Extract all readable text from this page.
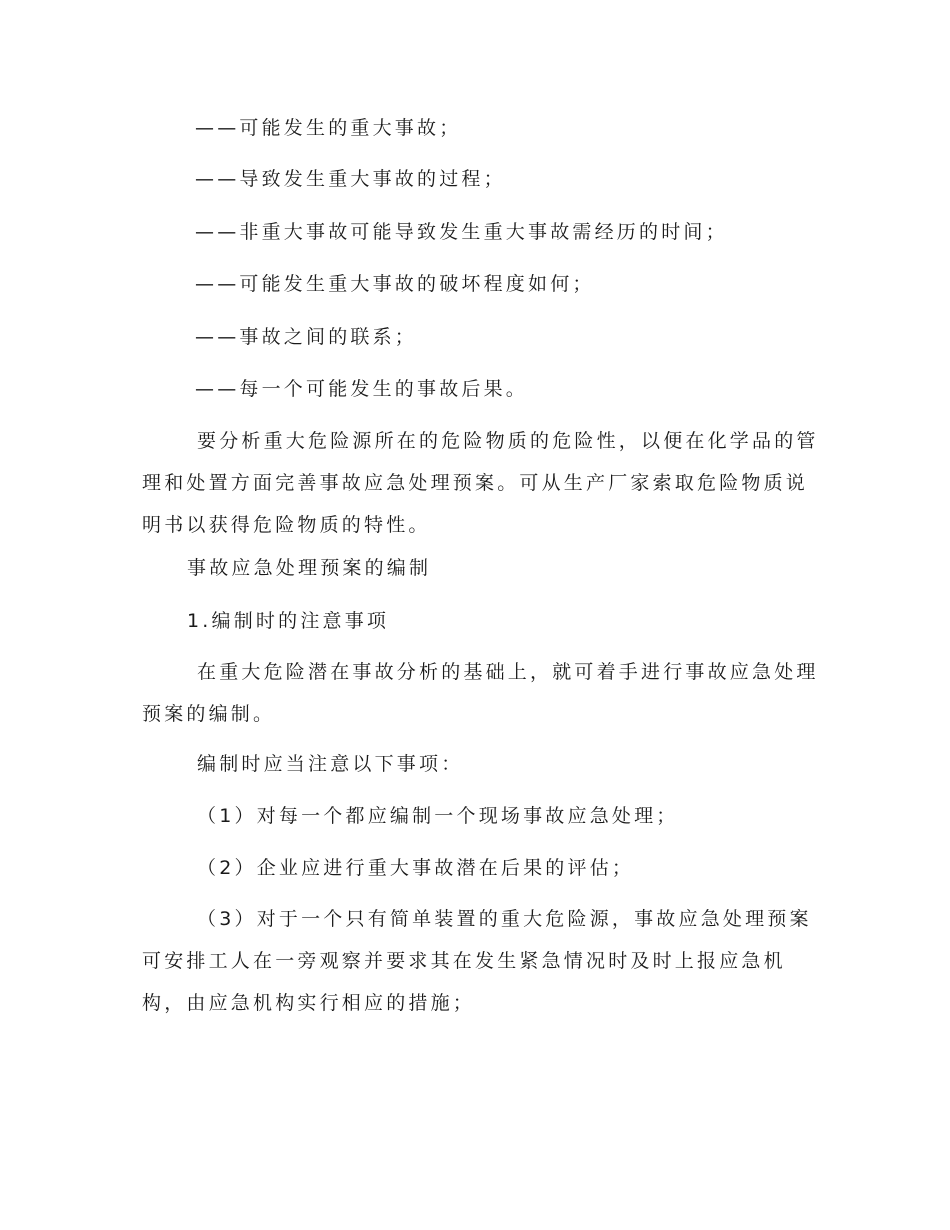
——可能发生的重大事故；
——导致发生重大事故的过程；
——非重大事故可能导致发生重大事故需经历的时间；
——可能发生重大事故的破坏程度如何；
——事故之间的联系；
——每一个可能发生的事故后果。
要分析重大危险源所在的危险物质的危险性，以便在化学品的管
理和处置方面完善事故应急处理预案。可从生产厂家索取危险物质说
明书以获得危险物质的特性。
事故应急处理预案的编制
1.编制时的注意事项
在重大危险潜在事故分析的基础上，就可着手进行事故应急处理
预案的编制。
编制时应当注意以下事项：
（1）对每一个都应编制一个现场事故应急处理；
（2）企业应进行重大事故潜在后果的评估；
（3）对于一个只有简单装置的重大危险源，事故应急处理预案
可安排工人在一旁观察并要求其在发生紧急情况时及时上报应急机
构，由应急机构实行相应的措施；
